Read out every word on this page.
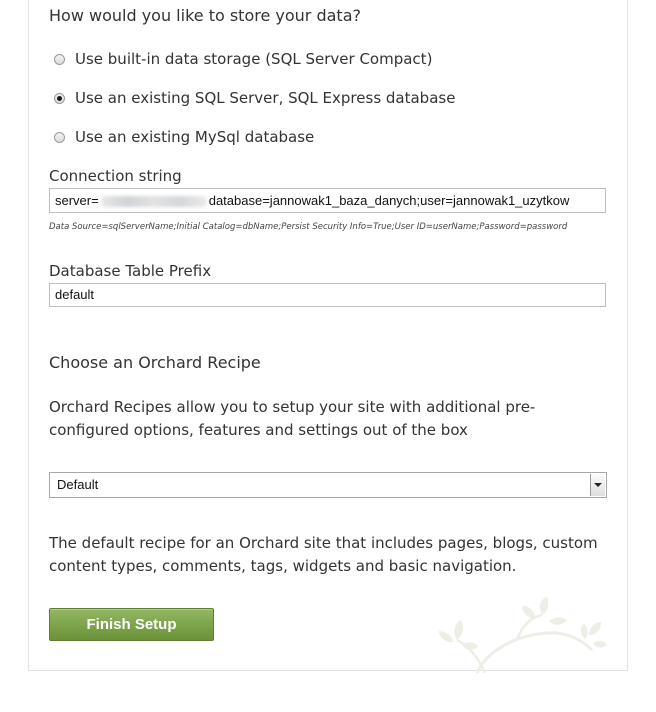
How would you like to store your data?
Use built-in data storage (SQL Server Compact)
Use an existing SQL Server, SQL Express database
Use an existing MySql database
Connection string
server=	database=jannowak1_baza_danych;user=jannowak1_uzytkow
Data Source=sqlServerName;Initial Catalog=dbName;Persist Security Info=True;User ID=userName;Password=password
Database Table Prefix
default
Choose an Orchard Recipe
Orchard Recipes allow you to setup your site with additional pre-configured options, features and settings out of the box
Default
The default recipe for an Orchard site that includes pages, blogs, custom content types, comments, tags, widgets and basic navigation.
Finish Setup
